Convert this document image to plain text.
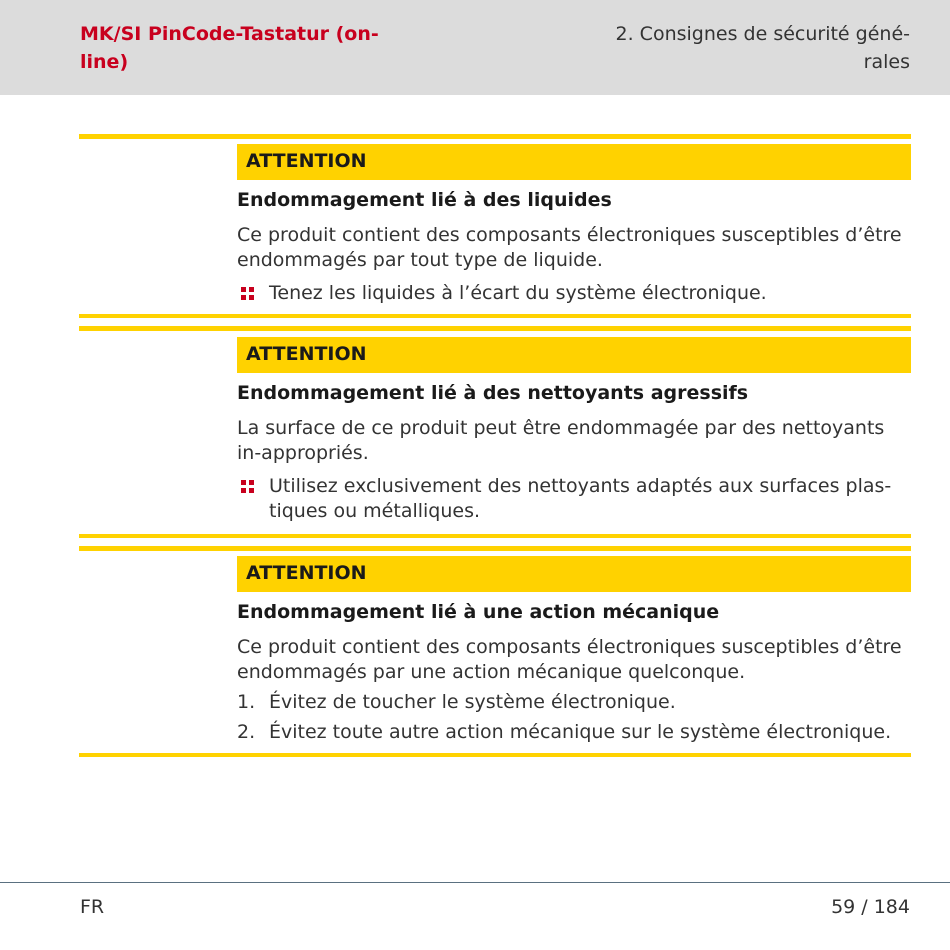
MK/SI PinCode-Tastatur (on-line)
2. Consignes de sécurité géné-rales
ATTENTION
Endommagement lié à des liquides
Ce produit contient des composants électroniques susceptibles d’être endommagés par tout type de liquide.
Tenez les liquides à l’écart du système électronique.
ATTENTION
Endommagement lié à des nettoyants agressifs
La surface de ce produit peut être endommagée par des nettoyants in-appropriés.
Utilisez exclusivement des nettoyants adaptés aux surfaces plas-tiques ou métalliques.
ATTENTION
Endommagement lié à une action mécanique
Ce produit contient des composants électroniques susceptibles d’être endommagés par une action mécanique quelconque.
1. Évitez de toucher le système électronique.
2. Évitez toute autre action mécanique sur le système électronique.
FR	59 / 184
